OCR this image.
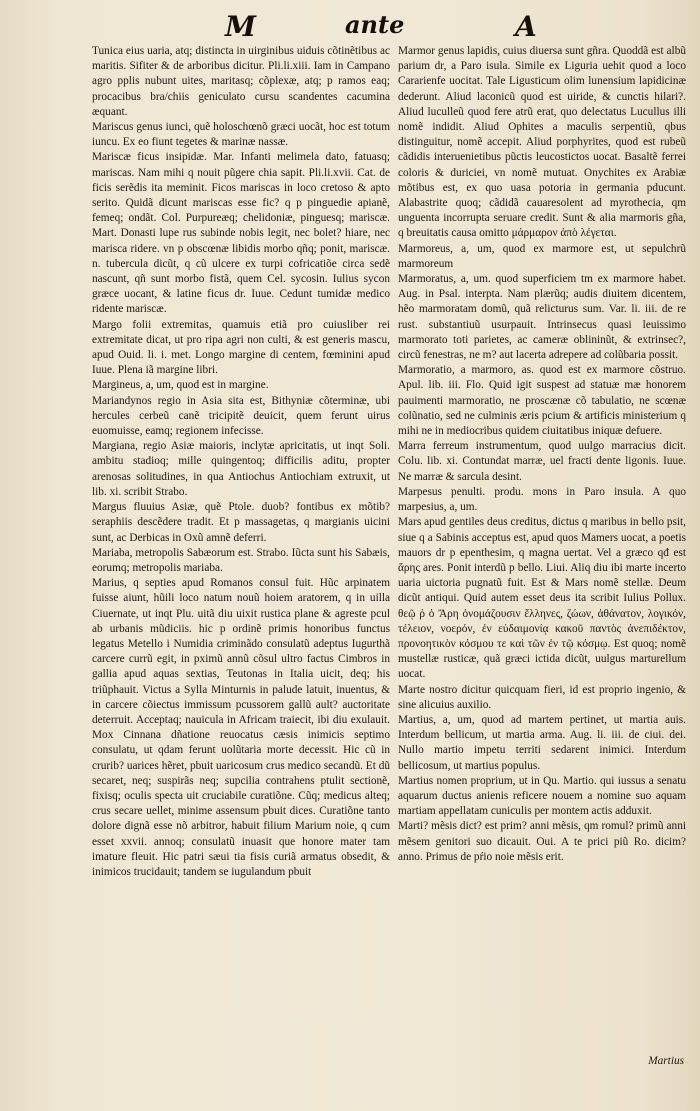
M	ante	A

Tunica eius uaria, atq; distincta in uirginibus uiduis cõtinẽtibus ac maritis. Sifiter & de arboribus dicitur. Pli.li.xiii. Iam in Campano agro pplis nubunt uites, maritasq; cõplexæ, atq; p ramos eaq; procacibus bra/chiis geniculato cursu scandentes cacumina æquant.

Mariscus genus iunci, quẽ holoschœnõ græci uocãt, hoc est totum iuncu. Ex eo fiunt tegetes & marinæ nassæ.

Mariscæ ficus insipidæ. Mar. Infanti melimela dato, fatuasq; mariscas. Nam mihi q nouit pũgere chia sapit. Pli.li.xvii. Cat. de ficis serẽdis ita meminit. Ficos mariscas in loco cretoso & apto serito. Quidã dicunt mariscas esse fic? q p pinguedie apianẽ, femeq; ondãt. Col. Purpureæq; chelidoniæ, pinguesq; mariscæ. Mart. Donasti lupe rus subinde nobis legit, nec bolet? hiare, nec marisca ridere. vn p obscœnæ libidis morbo qñq; ponit, mariscæ. n. tubercula dicũt, q cũ ulcere ex turpi cofricatiõe circa sedẽ nascunt, qñ sunt morbo fistã, quem Cel. sycosin. Iulius sycon græce uocant, & latine ficus dr. Iuue. Cedunt tumidæ medico ridente mariscæ.

Margo folii extremitas, quamuis etiã pro cuiusliber rei extremitate dicat, ut pro ripa agri non culti, & est generis mascu, apud Ouid. li. i. met. Longo margine di centem, fœminini apud Iuue. Plena iã margine libri.

Margineus, a, um, quod est in margine.

Mariandynos regio in Asia sita est, Bithyniæ cõterminæ, ubi hercules cerbeũ canẽ tricipitẽ deuicit, quem ferunt uirus euomuisse, eamq; regionem infecisse.

Margiana, regio Asiæ maioris, inclytæ apricitatis, ut inqt Soli. ambitu stadioq; mille quingentoq; difficilis aditu, propter arenosas solitudines, in qua Antiochus Antiochiam extruxit, ut lib. xi. scribit Strabo.

Margus fluuius Asiæ, quẽ Ptole. duob? fontibus ex mõtib? seraphiis descẽdere tradit. Et p massagetas, q margianis uicini sunt, ac Derbicas in Oxũ amnẽ deferri.

Mariaba, metropolis Sabæorum est. Strabo. Iũcta sunt his Sabæis, eorumq; metropolis mariaba.

Marius, q septies apud Romanos consul fuit. Hũc arpinatem fuisse aiunt, hũili loco natum nouũ hoiem aratorem, q in uilla Ciuernate, ut inqt Plu. uitã diu uixit rustica plane & agreste pcul ab urbanis mũdiciis. hic p ordinẽ primis honoribus functus legatus Metello i Numidia criminãdo consulatũ adeptus Iugurthã carcere currũ egit, in pximũ annũ cõsul ultro factus Cimbros in gallia apud aquas sextias, Teutonas in Italia uicit, deq; his triũphauit. Victus a Sylla Minturnis in palude latuit, inuentus, & in carcere cõiectus immissum pcussorem gallũ ault? auctoritate deterruit. Acceptaq; nauicula in Africam traiecit, ibi diu exulauit. Mox Cinnana dñatione reuocatus cæsis inimicis septimo consulatu, ut qdam ferunt uolũtaria morte decessit. Hic cũ in crurib? uarices hẽret, pbuit uaricosum crus medico secandũ. Et dũ secaret, neq; suspirãs neq; supcilia contrahens ptulit sectionẽ, fixisq; oculis specta uit cruciabile curatiõne. Cũq; medicus alteq; crus secare uellet, minime assensum pbuit dices. Curatiõne tanto dolore dignã esse nõ arbitror, habuit filium Marium noie, q cum esset xxvii. annoq; consulatũ inuasit que honore mater tam imature fleuit. Hic patri sæui tia fisis curiã armatus obsedit, & inimicos trucidauit; tandem se iugulandum pbuit

Marmor genus lapidis, cuius diuersa sunt gñra. Quoddã est albũ parium dr, a Paro isula. Simile ex Liguria uehit quod a loco Cararienfe uocitat. Tale Ligusticum olim lunensium lapidicinæ dederunt. Aliud laconicũ quod est uiride, & cunctis hilari?. Aliud luculleũ quod fere atrũ erat, quo delectatus Lucullus illi nomẽ indidit. Aliud Ophites a maculis serpentiũ, qbus distinguitur, nomẽ accepit. Aliud porphyrites, quod est rubeũ cãdidis interuenietibus pũctis leucostictos uocat. Basaltẽ ferrei coloris & duriciei, vn nomẽ mutuat. Onychites ex Arabiæ mõtibus est, ex quo uasa potoria in germania pducunt. Alabastrite quoq; cãdidã cauaresolent ad myrothecia, qm unguenta incorrupta seruare credit. Sunt & alia marmoris gña, q breuitatis causa omitto μάρμαρον ἀπὸ λέγεται.

Marmoreus, a, um, quod ex marmore est, ut sepulchrũ marmoreum

Marmoratus, a, um. quod superficiem tm ex marmore habet. Aug. in Psal. interpta. Nam plærũq; audis diuitem dicentem, hẽo marmoratam domũ, quã relicturus sum. Var. li. iii. de re rust. substantiuũ usurpauit. Intrinsecus quasi leuissimo marmorato toti parietes, ac cameræ oblininũt, & extrinsec?, circũ fenestras, ne m? aut lacerta adrepere ad colũbaria possit.

Marmoratio, a marmoro, as. quod est ex marmore cõstruo. Apul. lib. iii. Flo. Quid igit suspest ad statuæ mæ honorem pauimenti marmoratio, ne proscænæ cõ tabulatio, ne scœnæ colũnatio, sed ne culminis æris pcium & artificis ministerium q mihi ne in mediocribus quidem ciuitatibus iniquæ defuere.

Marra ferreum instrumentum, quod uulgo marracius dicit. Colu. lib. xi. Contundat marræ, uel fracti dente ligonis. Iuue. Ne marræ & sarcula desint.

Marpesus penulti. produ. mons in Paro insula. A quo marpesius, a, um.

Mars apud gentiles deus creditus, dictus q maribus in bello psit, siue q a Sabinis acceptus est, apud quos Mamers uocat, a poetis mauors dr p epenthesim, q magna uertat. Vel a græco qđ est ἄρης ares. Ponit interdũ p bello. Liui. Aliq diu ibi marte incerto uaria uictoria pugnatũ fuit. Est & Mars nomẽ stellæ. Deum dicũt antiqui. Quid autem esset deus ita scribit Iulius Pollux. θεῷ ῥ ὁ Ἄρη ὀνομάζουσιν ἕλληνες, ζώων, ἀθάνατον, λογικόν, τέλειον, νοερόν, ἐν εὐδαιμονίᾳ κακοῦ παντὸς ἀνεπιδέκτον, προνοητικὸν κόσμου τε καὶ τῶν ἐν τῷ κόσμῳ. Est quoq; nomẽ mustellæ rusticæ, quã græci ictida dicũt, uulgus marturellum uocat.

Marte nostro dicitur quicquam fieri, id est proprio ingenio, & sine alicuius auxilio.

Martius, a, um, quod ad martem pertinet, ut martia auis. Interdum bellicum, ut martia arma. Aug. li. iii. de ciui. dei. Nullo martio impetu territi sedarent inimici. Interdum bellicosum, ut martius populus.

Martius nomen proprium, ut in Qu. Martio. qui iussus a senatu aquarum ductus anienis reficere nouem a nomine suo aquam martiam appellatam cuniculis per montem actis adduxit.

Marti? mẽsis dict? est prim? anni mẽsis, qm romul? primũ anni mẽsem genitori suo dicauit. Oui. A te prici piũ Ro. dicim? anno. Primus de pŕio noie mẽsis erit.

Martius
